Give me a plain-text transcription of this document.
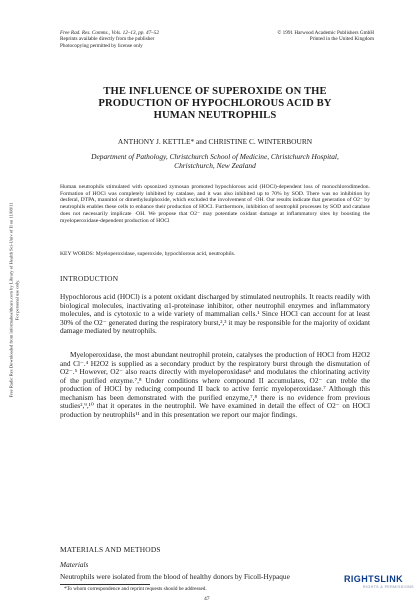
Free Rad. Res. Comms., Vols. 12–13, pp. 47–52
Reprints available directly from the publisher
Photocopying permitted by license only
© 1991 Harwood Academic Publishers GmbH
Printed in the United Kingdom
THE INFLUENCE OF SUPEROXIDE ON THE
PRODUCTION OF HYPOCHLOROUS ACID BY
HUMAN NEUTROPHILS
ANTHONY J. KETTLE* and CHRISTINE C. WINTERBOURN
Department of Pathology, Christchurch School of Medicine, Christchurch Hospital,
Christchurch, New Zealand
Human neutrophils stimulated with opsonized zymosan promoted hypochlorous acid (HOCl)-dependent loss of monochlorodimedon. Formation of HOCl was completely inhibited by catalase, and it was also inhibited up to 70% by SOD. There was no inhibition by desferal, DTPA, mannitol or dimethylsulphoxide, which excluded the involvement of ·OH. Our results indicate that generation of O2⁻ by neutrophils enables these cells to enhance their production of HOCl. Furthermore, inhibition of neutrophil processes by SOD and catalase does not necessarily implicate ·OH. We propose that O2⁻ may potentiate oxidant damage at inflammatory sites by boosting the myeloperoxidase-dependent production of HOCl
KEY WORDS: Myeloperoxidase, superoxide, hypochlorous acid, neutrophils.
INTRODUCTION
Hypochlorous acid (HOCl) is a potent oxidant discharged by stimulated neutrophils. It reacts readily with biological molecules, inactivating α1-proteinase inhibitor, other neutrophil enzymes and inflammatory molecules, and is cytotoxic to a wide variety of mammalian cells.¹ Since HOCl can account for at least 30% of the O2⁻ generated during the respiratory burst,²,³ it may be responsible for the majority of oxidant damage mediated by neutrophils.
Myeloperoxidase, the most abundant neutrophil protein, catalyses the production of HOCl from H2O2 and Cl⁻.⁴ H2O2 is supplied as a secondary product by the respiratory burst through the dismutation of O2⁻.⁵ However, O2⁻ also reacts directly with myeloperoxidase⁶ and modulates the chlorinating activity of the purified enzyme.⁷,⁸ Under conditions where compound II accumulates, O2⁻ can treble the production of HOCl by reducing compound II back to active ferric myeloperoxidase.⁷ Although this mechanism has been demonstrated with the purified enzyme,⁷,⁸ there is no evidence from previous studies²,⁹,¹⁰ that it operates in the neutrophil. We have examined in detail the effect of O2⁻ on HOCl production by neutrophils¹¹ and in this presentation we report our major findings.
MATERIALS AND METHODS
Materials
Neutrophils were isolated from the blood of healthy donors by Ficoll-Hypaque
*To whom correspondence and reprint requests should be addressed.
47
Free Radic Res Downloaded from informahealthcare.com by Library of Health Sci-Univ of Il on 11/08/11 For personal use only.
RIGHTSLINK
RIGHTS & PERMISSIONS
